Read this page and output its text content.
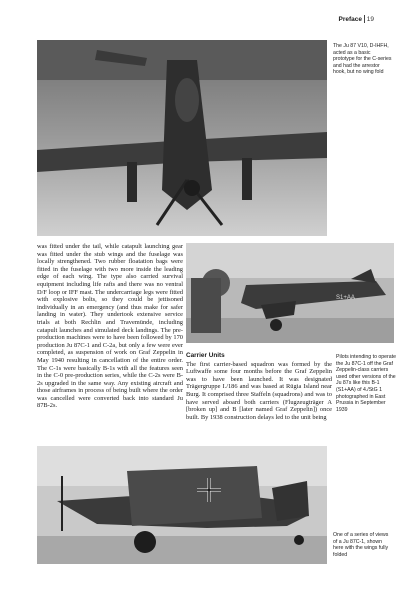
Preface 19
The Ju 87 V10, D-IHFH, acted as a basic prototype for the C-series and had the arrestor hook, but no wing fold

was fitted under the tail, while catapult launching gear was fitted under the stub wings and the fuselage was locally strengthened. Two rubber floatation bags were fitted in the fuselage with two more inside the leading edge of each wing. The type also carried survival equipment including life rafts and there was no ventral D/F loop or IFF mast. The undercarriage legs were fitted with explosive bolts, so they could be jettisoned individually in an emergency (and thus make for safer landing in water). They undertook extensive service trials at both Rechlin and Travemünde, including catapult launches and simulated deck landings. The pre-production machines were to have been followed by 170 production Ju 87C-1 and C-2a, but only a few were ever completed, as suspension of work on Graf Zeppelin in May 1940 resulting in cancellation of the entire order. The C-1s were basically B-1s with all the features seen in the C-0 pre-production series, while the C-2s were B-2s upgraded in the same way. Any existing aircraft and those airframes in process of being built where the order was cancelled were converted back into standard Ju 87B-2s.

S1+AA
Carrier Units

The first carrier-based squadron was formed by the Luftwaffe some four months before the Graf Zeppelin was to have been launched. It was designated Trägergruppe I./186 and was based at Rügia Island near Burg. It comprised three Staffeln (squadrons) and was to have served aboard both carriers (Flugzeugträger A [broken up] and B [later named Graf Zeppelin]) once built. By 1938 construction delays led to the unit being

Pilots intending to operate the Ju 87C-1 off the Graf Zeppelin-class carriers used other versions of the Ju 87s like this B-1 (S1+AA) of 4./StG 1 photographed in East Prussia in September 1939
One of a series of views of a Ju 87C-1, shown here with the wings fully folded
